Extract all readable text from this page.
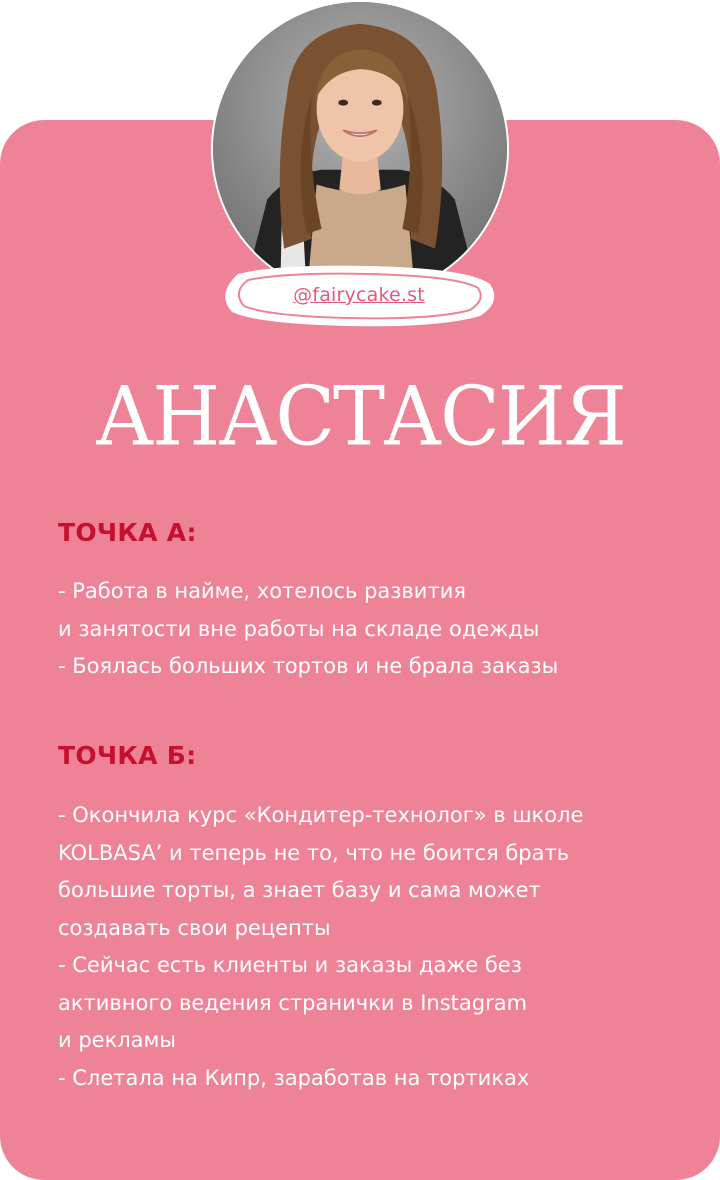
@fairycake.st
АНАСТАСИЯ
ТОЧКА А:
- Работа в найме, хотелось развития
и занятости вне работы на складе одежды
- Боялась больших тортов и не брала заказы
ТОЧКА Б:
- Окончила курс «Кондитер-технолог» в школе
KOLBASA’ и теперь не то, что не боится брать
большие торты, а знает базу и сама может
создавать свои рецепты
- Сейчас есть клиенты и заказы даже без
активного ведения странички в Instagram
и рекламы
- Слетала на Кипр, заработав на тортиках
